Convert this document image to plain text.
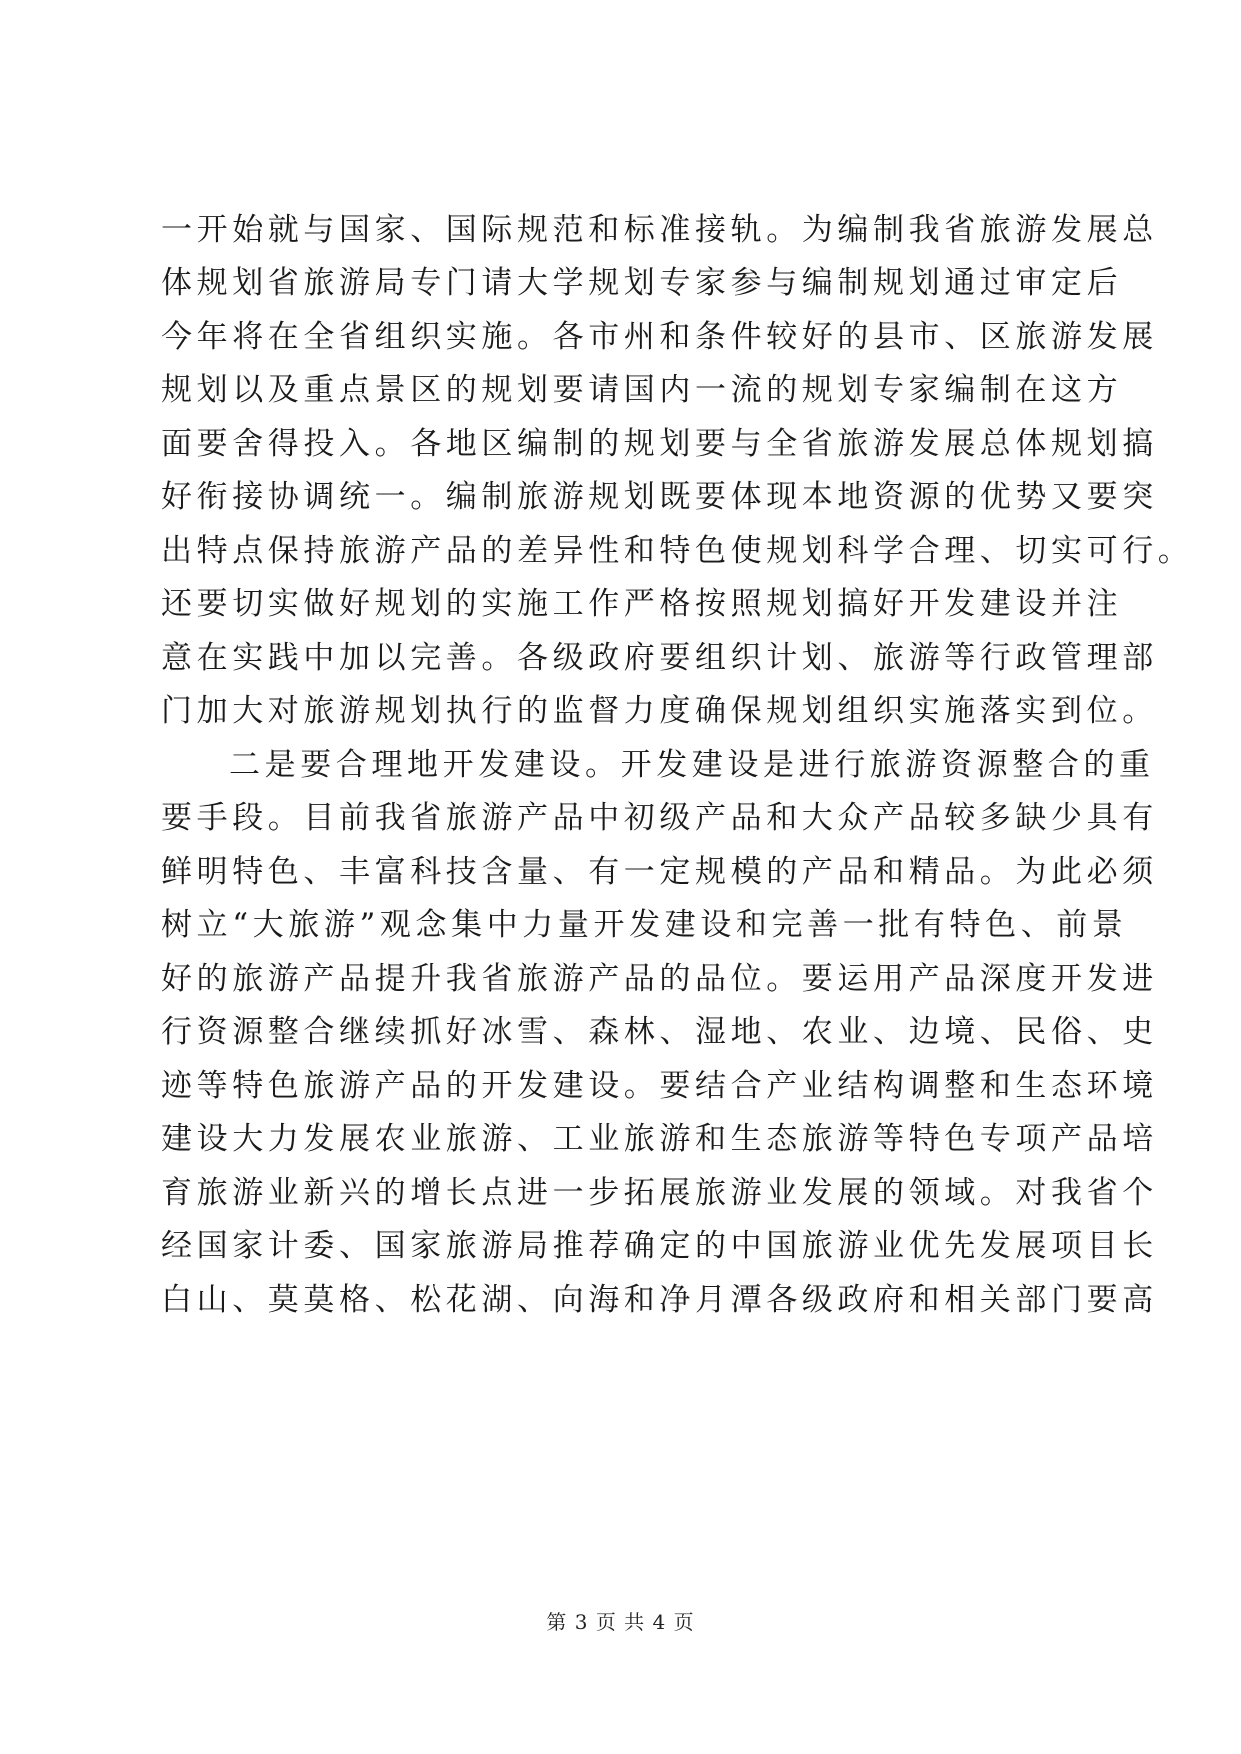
一开始就与国家、国际规范和标准接轨。为编制我省旅游发展总
体规划省旅游局专门请大学规划专家参与编制规划通过审定后
今年将在全省组织实施。各市州和条件较好的县市、区旅游发展
规划以及重点景区的规划要请国内一流的规划专家编制在这方
面要舍得投入。各地区编制的规划要与全省旅游发展总体规划搞
好衔接协调统一。编制旅游规划既要体现本地资源的优势又要突
出特点保持旅游产品的差异性和特色使规划科学合理、切实可行。
还要切实做好规划的实施工作严格按照规划搞好开发建设并注
意在实践中加以完善。各级政府要组织计划、旅游等行政管理部
门加大对旅游规划执行的监督力度确保规划组织实施落实到位。
二是要合理地开发建设。开发建设是进行旅游资源整合的重
要手段。目前我省旅游产品中初级产品和大众产品较多缺少具有
鲜明特色、丰富科技含量、有一定规模的产品和精品。为此必须
树立“大旅游”观念集中力量开发建设和完善一批有特色、前景
好的旅游产品提升我省旅游产品的品位。要运用产品深度开发进
行资源整合继续抓好冰雪、森林、湿地、农业、边境、民俗、史
迹等特色旅游产品的开发建设。要结合产业结构调整和生态环境
建设大力发展农业旅游、工业旅游和生态旅游等特色专项产品培
育旅游业新兴的增长点进一步拓展旅游业发展的领域。对我省个
经国家计委、国家旅游局推荐确定的中国旅游业优先发展项目长
白山、莫莫格、松花湖、向海和净月潭各级政府和相关部门要高
第 3 页 共 4 页
